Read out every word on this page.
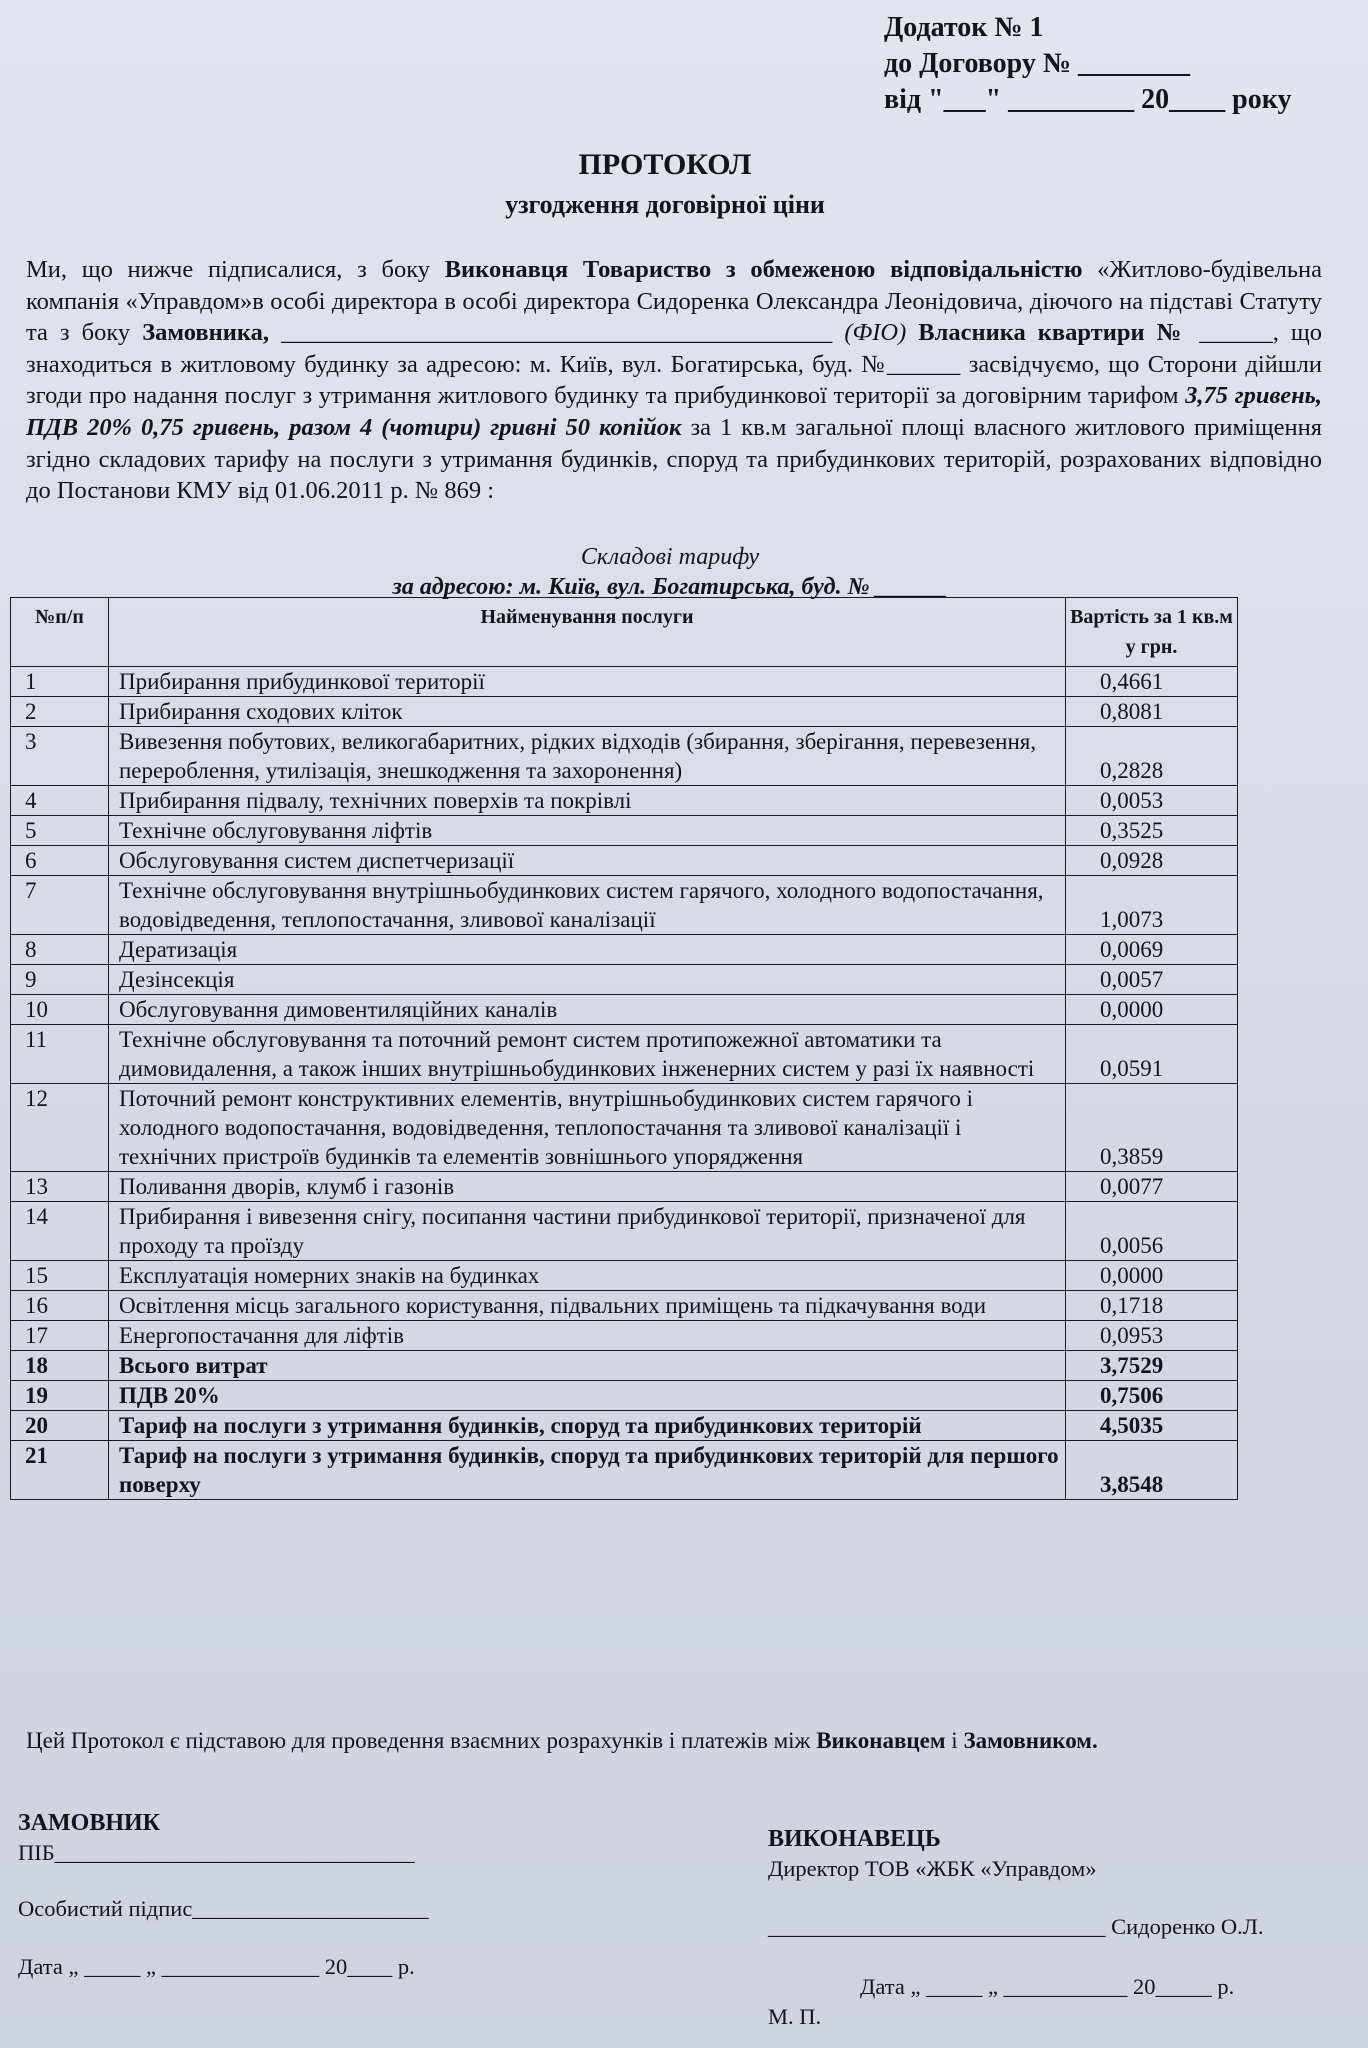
Додаток № 1
до Договору № ________
від "___" _________ 20____ року
ПРОТОКОЛ
узгодження договірної ціни
Ми, що нижче підписалися, з боку Виконавця Товариство з обмеженою відповідальністю «Житлово-будівельна компанія «Управдом»в особі директора в особі директора Сидоренка Олександра Леонідовича, діючого на підставі Статуту та з боку Замовника, _____________________________________________ (ФІО) Власника квартири № ______, що знаходиться в житловому будинку за адресою: м. Київ, вул. Богатирська, буд. №______ засвідчуємо, що Сторони дійшли згоди про надання послуг з утримання житлового будинку та прибудинкової території за договірним тарифом 3,75 гривень, ПДВ 20% 0,75 гривень, разом 4 (чотири) гривні 50 копійок за 1 кв.м загальної площі власного житлового приміщення згідно складових тарифу на послуги з утримання будинків, споруд та прибудинкових територій, розрахованих відповідно до Постанови КМУ від 01.06.2011 р. № 869 :
Складові тарифу
за адресою: м. Київ, вул. Богатирська, буд. № ______
№п/п	Найменування послуги	Вартість за 1 кв.м у грн.
1	Прибирання прибудинкової території	0,4661
2	Прибирання сходових кліток	0,8081
3	Вивезення побутових, великогабаритних, рідких відходів (збирання, зберігання, перевезення, перероблення, утилізація, знешкодження та захоронення)	0,2828
4	Прибирання підвалу, технічних поверхів та покрівлі	0,0053
5	Технічне обслуговування ліфтів	0,3525
6	Обслуговування систем диспетчеризації	0,0928
7	Технічне обслуговування внутрішньобудинкових систем гарячого, холодного водопостачання, водовідведення, теплопостачання, зливової каналізації	1,0073
8	Дератизація	0,0069
9	Дезінсекція	0,0057
10	Обслуговування димовентиляційних каналів	0,0000
11	Технічне обслуговування та поточний ремонт систем протипожежної автоматики та димовидалення, а також інших внутрішньобудинкових інженерних систем у разі їх наявності	0,0591
12	Поточний ремонт конструктивних елементів, внутрішньобудинкових систем гарячого і холодного водопостачання, водовідведення, теплопостачання та зливової каналізації і технічних пристроїв будинків та елементів зовнішнього упорядження	0,3859
13	Поливання дворів, клумб і газонів	0,0077
14	Прибирання і вивезення снігу, посипання частини прибудинкової території, призначеної для проходу та проїзду	0,0056
15	Експлуатація номерних знаків на будинках	0,0000
16	Освітлення місць загального користування, підвальних приміщень та підкачування води	0,1718
17	Енергопостачання для ліфтів	0,0953
18	Всього витрат	3,7529
19	ПДВ 20%	0,7506
20	Тариф на послуги з утримання будинків, споруд та прибудинкових територій	4,5035
21	Тариф на послуги з утримання будинків, споруд та прибудинкових територій для першого поверху	3,8548
Цей Протокол є підставою для проведення взаємних розрахунків і платежів між Виконавцем і Замовником.
ЗАМОВНИК
ПІБ________________________________
Особистий підпис_____________________
Дата „ _____ „ ______________ 20____ р.
ВИКОНАВЕЦЬ
Директор ТОВ «ЖБК «Управдом»
______________________________ Сидоренко О.Л.
Дата „ _____ „ ___________ 20_____ р.
М. П.
